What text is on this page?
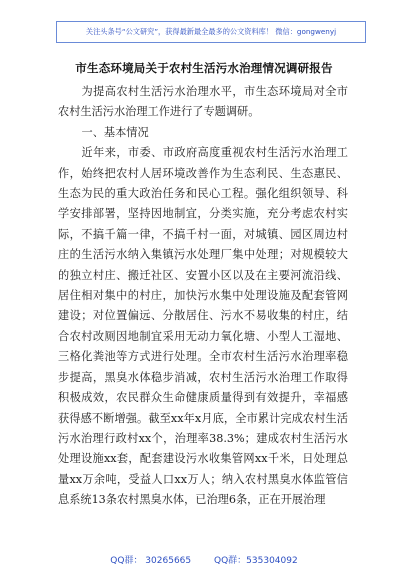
关注头条号“公文研究”，获得最新最全最多的公文资料库！ 微信：gongwenyj
市生态环境局关于农村生活污水治理情况调研报告

为提高农村生活污水治理水平，市生态环境局对全市农村生活污水治理工作进行了专题调研。

一、基本情况

近年来，市委、市政府高度重视农村生活污水治理工作，始终把农村人居环境改善作为生态利民、生态惠民、生态为民的重大政治任务和民心工程。强化组织领导、科学安排部署，坚持因地制宜，分类实施，充分考虑农村实际，不搞千篇一律，不搞千村一面，对城镇、园区周边村庄的生活污水纳入集镇污水处理厂集中处理；对规模较大的独立村庄、搬迁社区、安置小区以及在主要河流沿线、居住相对集中的村庄，加快污水集中处理设施及配套管网建设；对位置偏远、分散居住、污水不易收集的村庄，结合农村改厕因地制宜采用无动力氧化塘、小型人工湿地、三格化粪池等方式进行处理。全市农村生活污水治理率稳步提高，黑臭水体稳步消减，农村生活污水治理工作取得积极成效，农民群众生命健康质量得到有效提升，幸福感获得感不断增强。截至xx年x月底，全市累计完成农村生活污水治理行政村xx个，治理率38.3%；建成农村生活污水处理设施xx套，配套建设污水收集管网xx千米，日处理总量xx万余吨，受益人口xx万人；纳入农村黑臭水体监管信息系统13条农村黑臭水体，已治理6条，正在开展治理

QQ群： 30265665	QQ群：535304092
